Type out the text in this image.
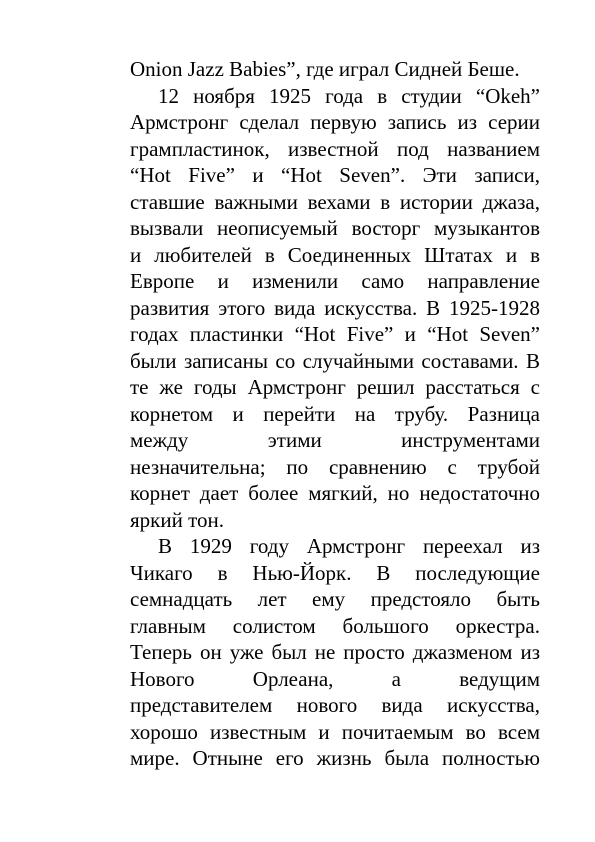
Onion Jazz Babies”, где играл Сидней Беше.
12 ноября 1925 года в студии “Okeh”
Армстронг сделал первую запись из серии
грампластинок, известной под названием
“Hot Five” и “Hot Seven”. Эти записи,
ставшие важными вехами в истории джаза,
вызвали неописуемый восторг музыкантов
и любителей в Соединенных Штатах и в
Европе и изменили само направление
развития этого вида искусства. В 1925-1928
годах пластинки “Hot Five” и “Hot Seven”
были записаны со случайными составами. В
те же годы Армстронг решил расстаться с
корнетом и перейти на трубу. Разница
между этими инструментами
незначительна; по сравнению с трубой
корнет дает более мягкий, но недостаточно
яркий тон.
В 1929 году Армстронг переехал из
Чикаго в Нью-Йорк. В последующие
семнадцать лет ему предстояло быть
главным солистом большого оркестра.
Теперь он уже был не просто джазменом из
Нового Орлеана, а ведущим
представителем нового вида искусства,
хорошо известным и почитаемым во всем
мире. Отныне его жизнь была полностью
